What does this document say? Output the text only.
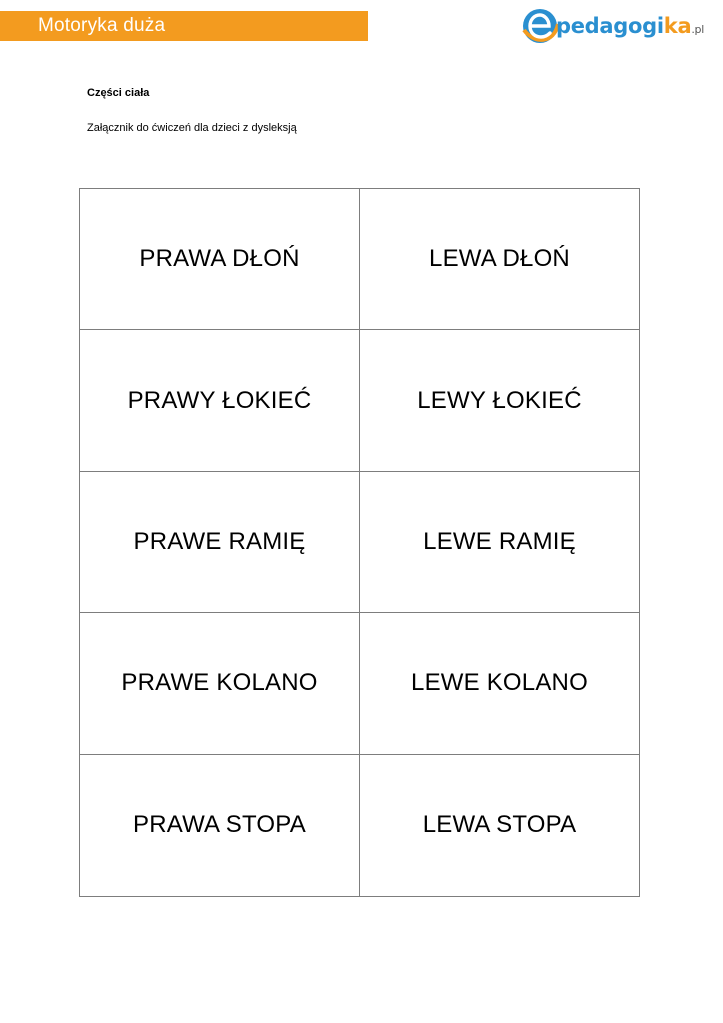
Motoryka duża	pedagogika.pl
Części ciała
Załącznik do ćwiczeń dla dzieci z dysleksją
PRAWA DŁOŃ	LEWA DŁOŃ
PRAWY ŁOKIEĆ	LEWY ŁOKIEĆ
PRAWE RAMIĘ	LEWE RAMIĘ
PRAWE KOLANO	LEWE KOLANO
PRAWA STOPA	LEWA STOPA
